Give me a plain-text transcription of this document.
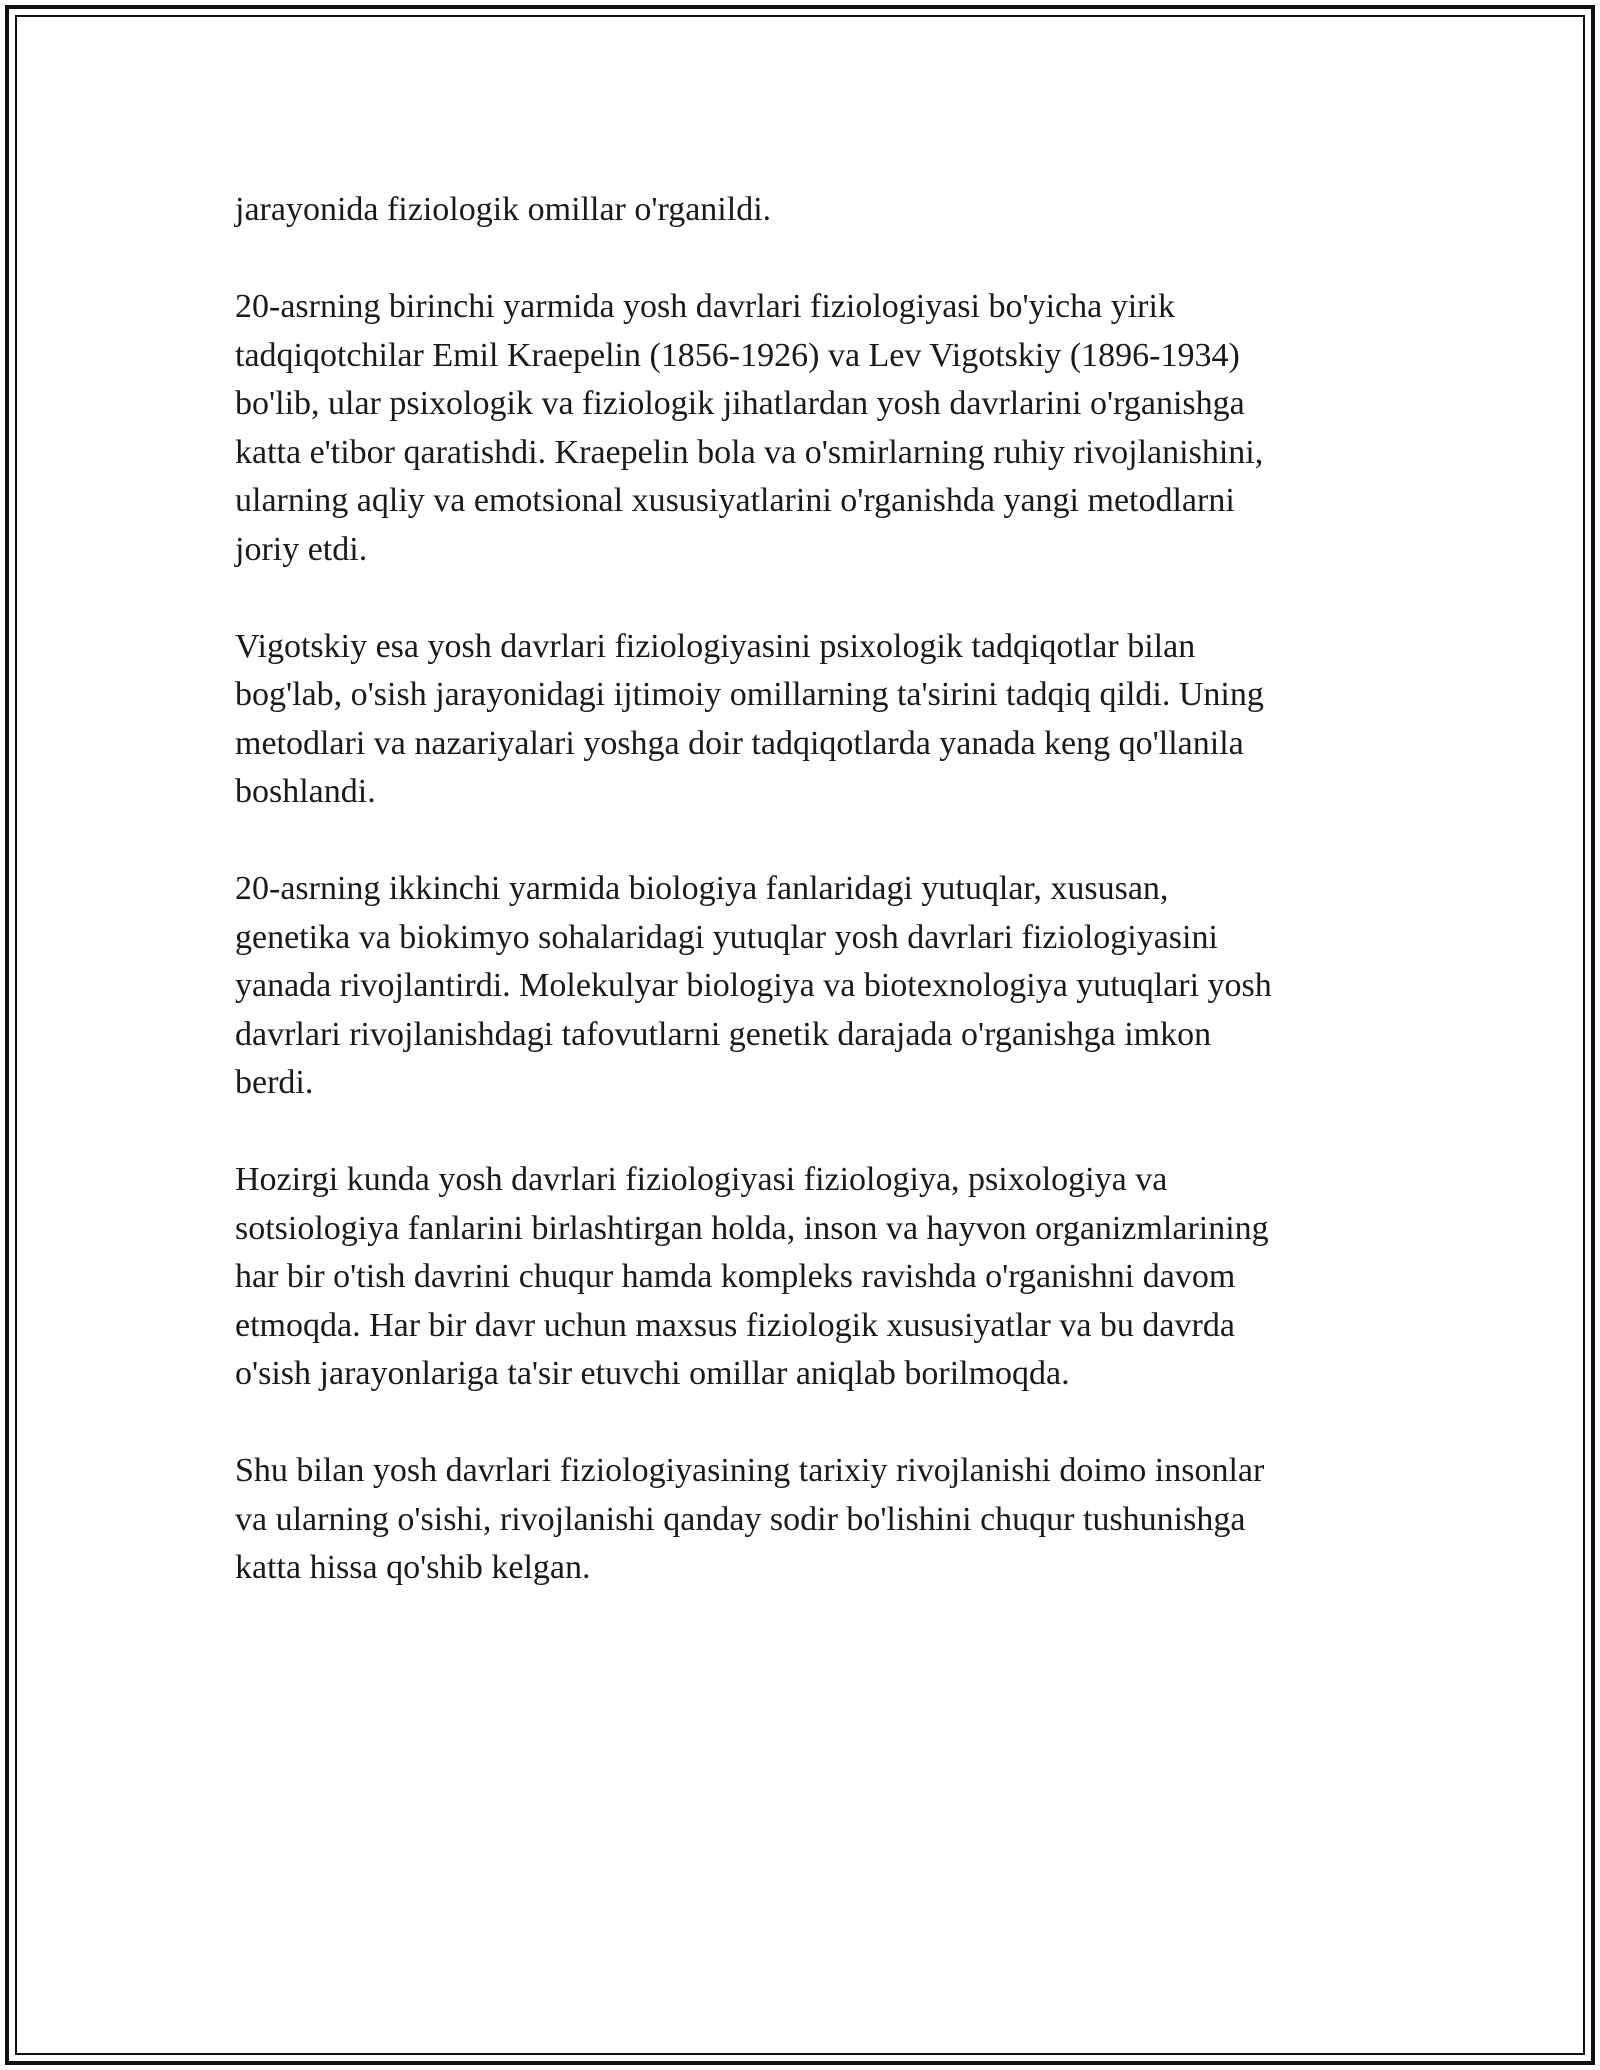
jarayonida fiziologik omillar o'rganildi.

20-asrning birinchi yarmida yosh davrlari fiziologiyasi bo'yicha yirik
tadqiqotchilar Emil Kraepelin (1856-1926) va Lev Vigotskiy (1896-1934)
bo'lib, ular psixologik va fiziologik jihatlardan yosh davrlarini o'rganishga
katta e'tibor qaratishdi. Kraepelin bola va o'smirlarning ruhiy rivojlanishini,
ularning aqliy va emotsional xususiyatlarini o'rganishda yangi metodlarni
joriy etdi.

Vigotskiy esa yosh davrlari fiziologiyasini psixologik tadqiqotlar bilan
bog'lab, o'sish jarayonidagi ijtimoiy omillarning ta'sirini tadqiq qildi. Uning
metodlari va nazariyalari yoshga doir tadqiqotlarda yanada keng qo'llanila
boshlandi.

20-asrning ikkinchi yarmida biologiya fanlaridagi yutuqlar, xususan,
genetika va biokimyo sohalaridagi yutuqlar yosh davrlari fiziologiyasini
yanada rivojlantirdi. Molekulyar biologiya va biotexnologiya yutuqlari yosh
davrlari rivojlanishdagi tafovutlarni genetik darajada o'rganishga imkon
berdi.

Hozirgi kunda yosh davrlari fiziologiyasi fiziologiya, psixologiya va
sotsiologiya fanlarini birlashtirgan holda, inson va hayvon organizmlarining
har bir o'tish davrini chuqur hamda kompleks ravishda o'rganishni davom
etmoqda. Har bir davr uchun maxsus fiziologik xususiyatlar va bu davrda
o'sish jarayonlariga ta'sir etuvchi omillar aniqlab borilmoqda.

Shu bilan yosh davrlari fiziologiyasining tarixiy rivojlanishi doimo insonlar
va ularning o'sishi, rivojlanishi qanday sodir bo'lishini chuqur tushunishga
katta hissa qo'shib kelgan.
